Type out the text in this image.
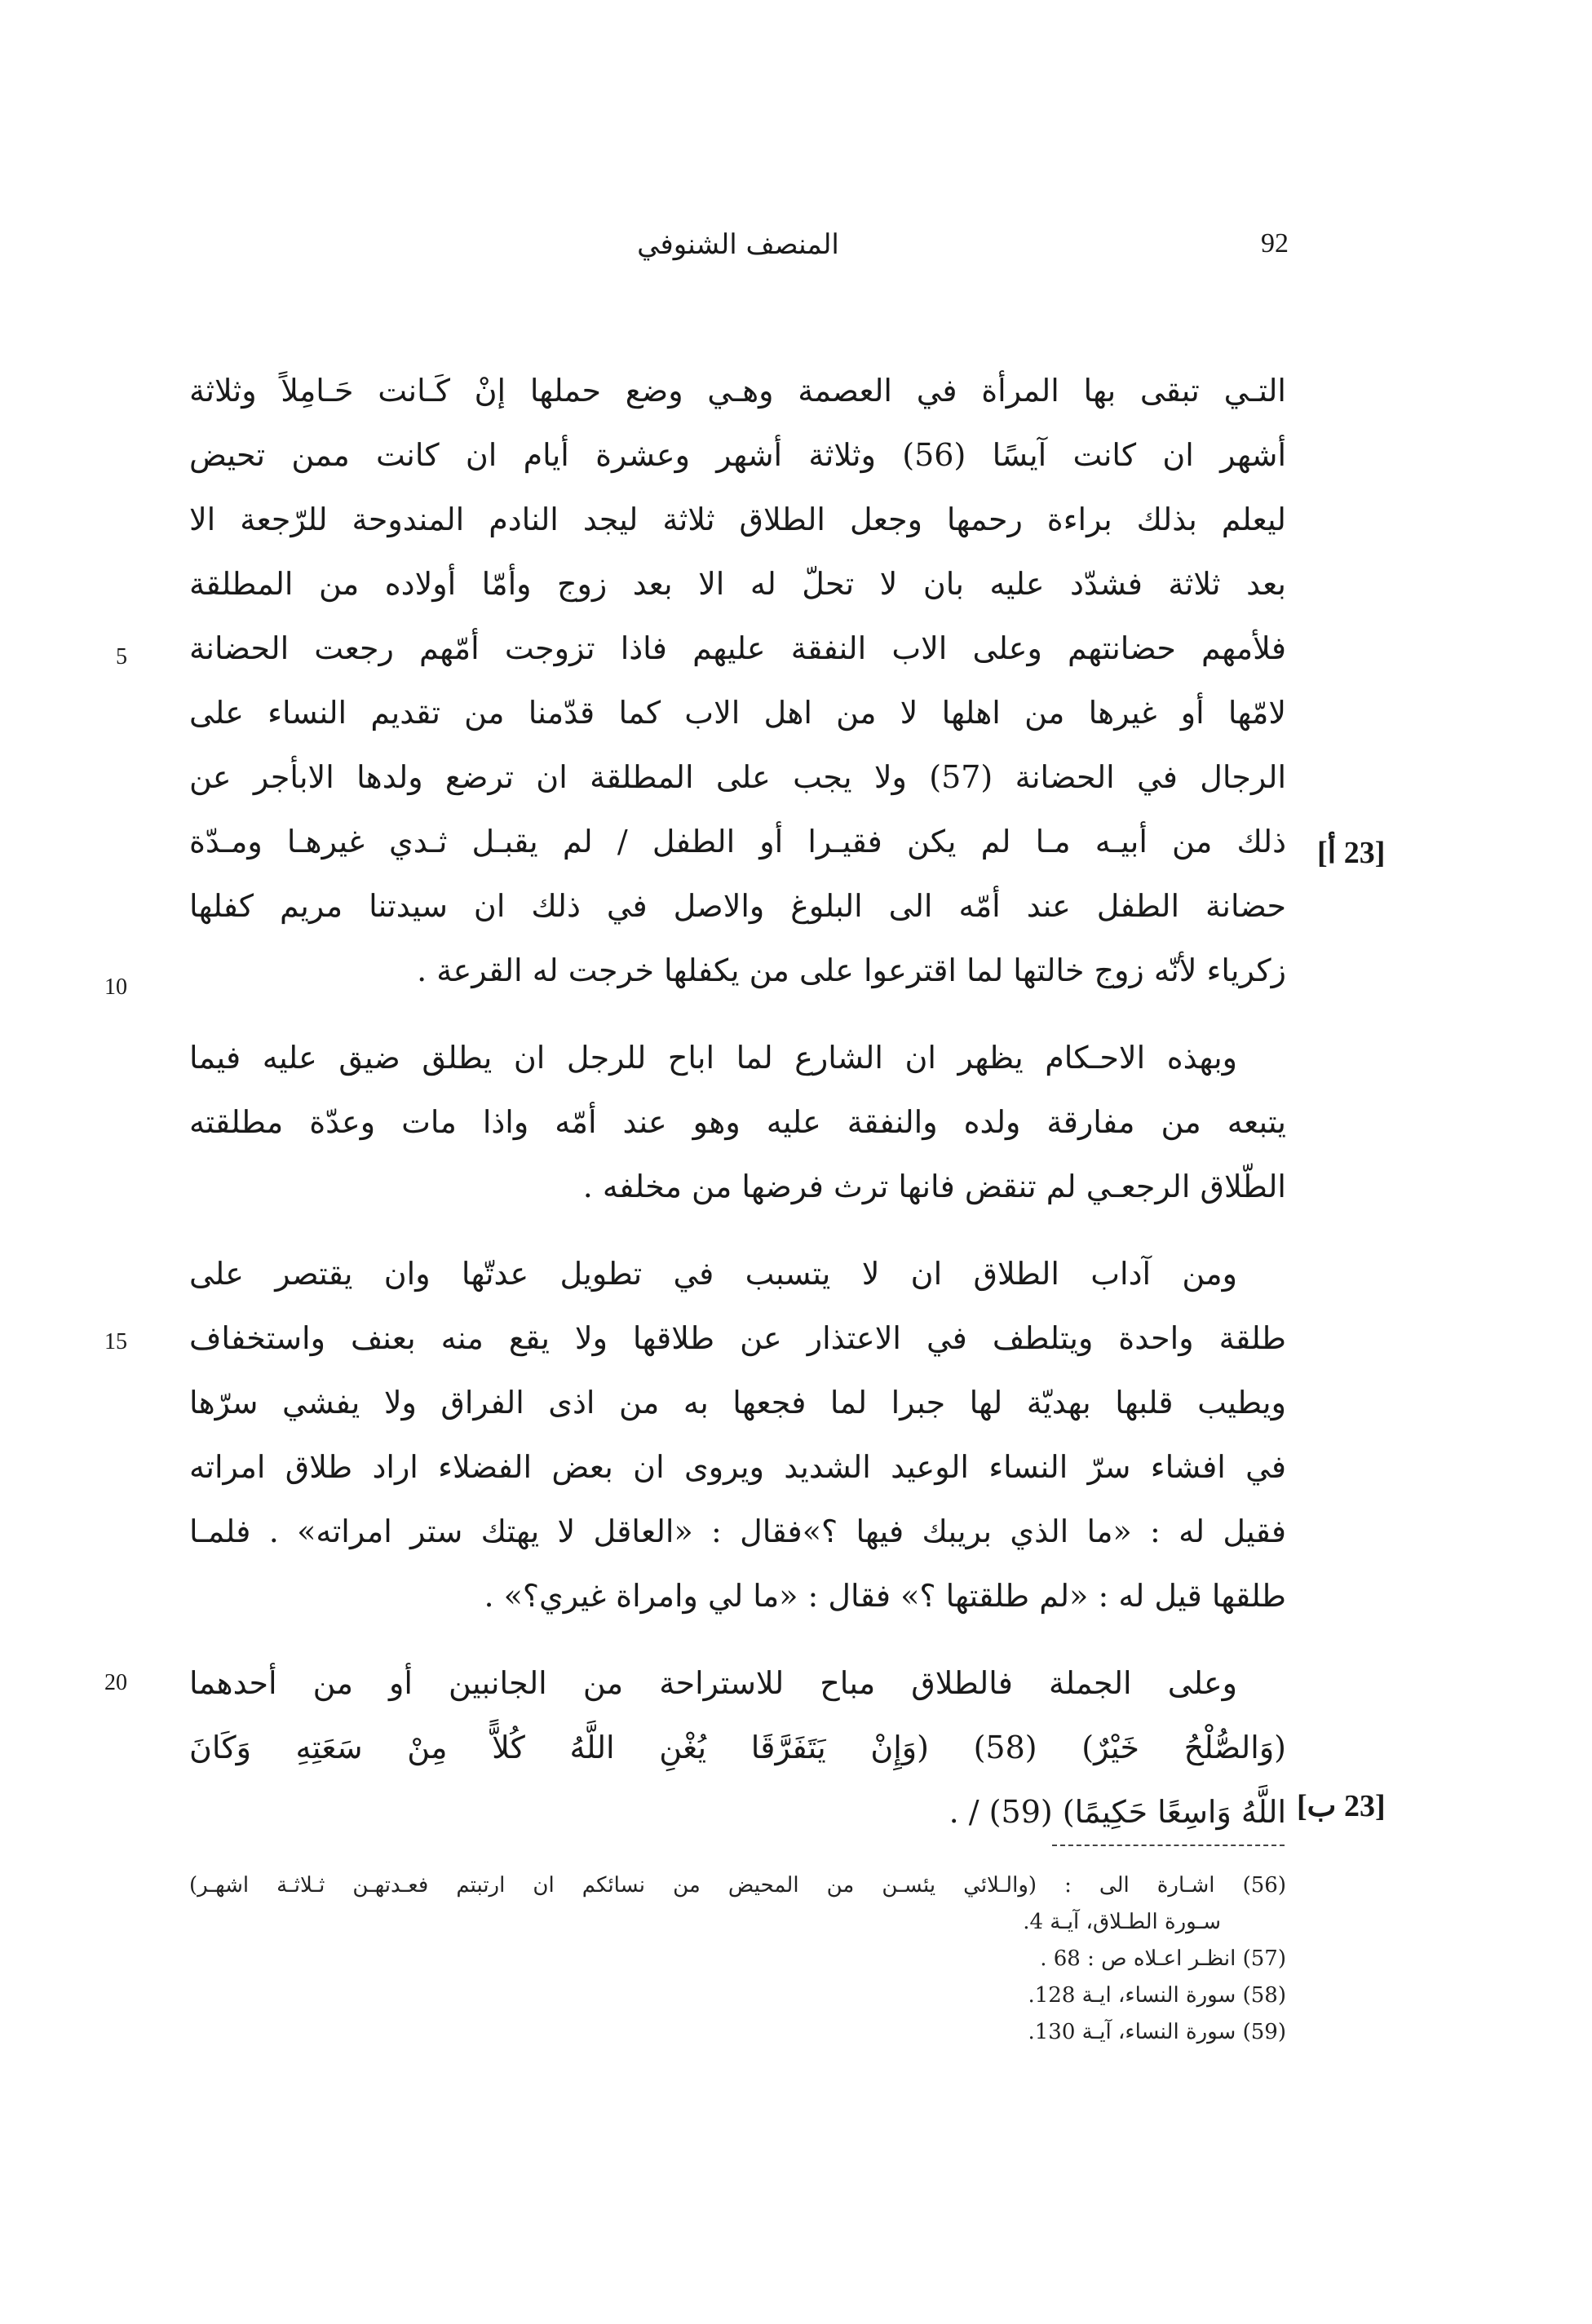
المنصف الشنوفي	92
التـي تبقى بها المرأة في العصمة وهـي وضع حملها إنْ كَـانت حَـامِلاً وثلاثة
أشهر ان كانت آيسًا (56) وثلاثة أشهر وعشرة أيام ان كانت ممن تحيض
ليعلم بذلك براءة رحمها وجعل الطلاق ثلاثة ليجد النادم المندوحة للرّجعة الا
بعد ثلاثة فشدّد عليه بان لا تحلّ له الا بعد زوج وأمّا أولاده من المطلقة
فلأمهم حضانتهم وعلى الاب النفقة عليهم فاذا تزوجت أمّهم رجعت الحضانة
لامّها أو غيرها من اهلها لا من اهل الاب كما قدّمنا من تقديم النساء على
الرجال في الحضانة (57) ولا يجب على المطلقة ان ترضع ولدها الابأجر عن
ذلك من أبيـه مـا لم يكن فقيـرا أو الطفل / لم يقبـل ثـدي غيرهـا ومـدّة
حضانة الطفل عند أمّه الى البلوغ والاصل في ذلك ان سيدتنا مريم كفلها
زكرياء لأنّه زوج خالتها لما اقترعوا على من يكفلها خرجت له القرعة .
وبهذه الاحـكام يظهر ان الشارع لما اباح للرجل ان يطلق ضيق عليه فيما
يتبعه من مفارقة ولده والنفقة عليه وهو عند أمّه واذا مات وعدّة مطلقته
الطّلاق الرجعـي لم تنقض فانها ترث فرضها من مخلفه .
ومن آداب الطلاق ان لا يتسبب في تطويل عدتّها وان يقتصر على
طلقة واحدة ويتلطف في الاعتذار عن طلاقها ولا يقع منه بعنف واستخفاف
ويطيب قلبها بهديّة لها جبرا لما فجعها به من اذى الفراق ولا يفشي سرّها
في افشاء سرّ النساء الوعيد الشديد ويروى ان بعض الفضلاء اراد طلاق امراته
فقيل له : «ما الذي بريبك فيها ؟»فقال : «العاقل لا يهتك ستر امراته» . فلمـا
طلقها قيل له : «لم طلقتها ؟» فقال : «ما لي وامراة غيري؟» .
وعلى الجملة فالطلاق مباح للاستراحة من الجانبين أو من أحدهما
(وَالصُّلْحُ خَيْرٌ) (58) (وَإِنْ يَتَفَرَّقَا يُغْنِ اللَّهُ كُلاًّ مِنْ سَعَتِهِ وَكَانَ
اللَّهُ وَاسِعًا حَكِيمًا) (59) / .
5
10
15
20
[23 أ]
[23 ب]
(56) اشـارة الى : (والـلائي يئسـن من المحيض من نسائكم ان ارتبتم فعـدتهـن ثـلاثـة اشهـر)
سـورة الطـلاق، آيـة 4.
(57) انظـر اعـلاه ص : 68 .
(58) سورة النساء، ايـة 128.
(59) سورة النساء، آيـة 130.
